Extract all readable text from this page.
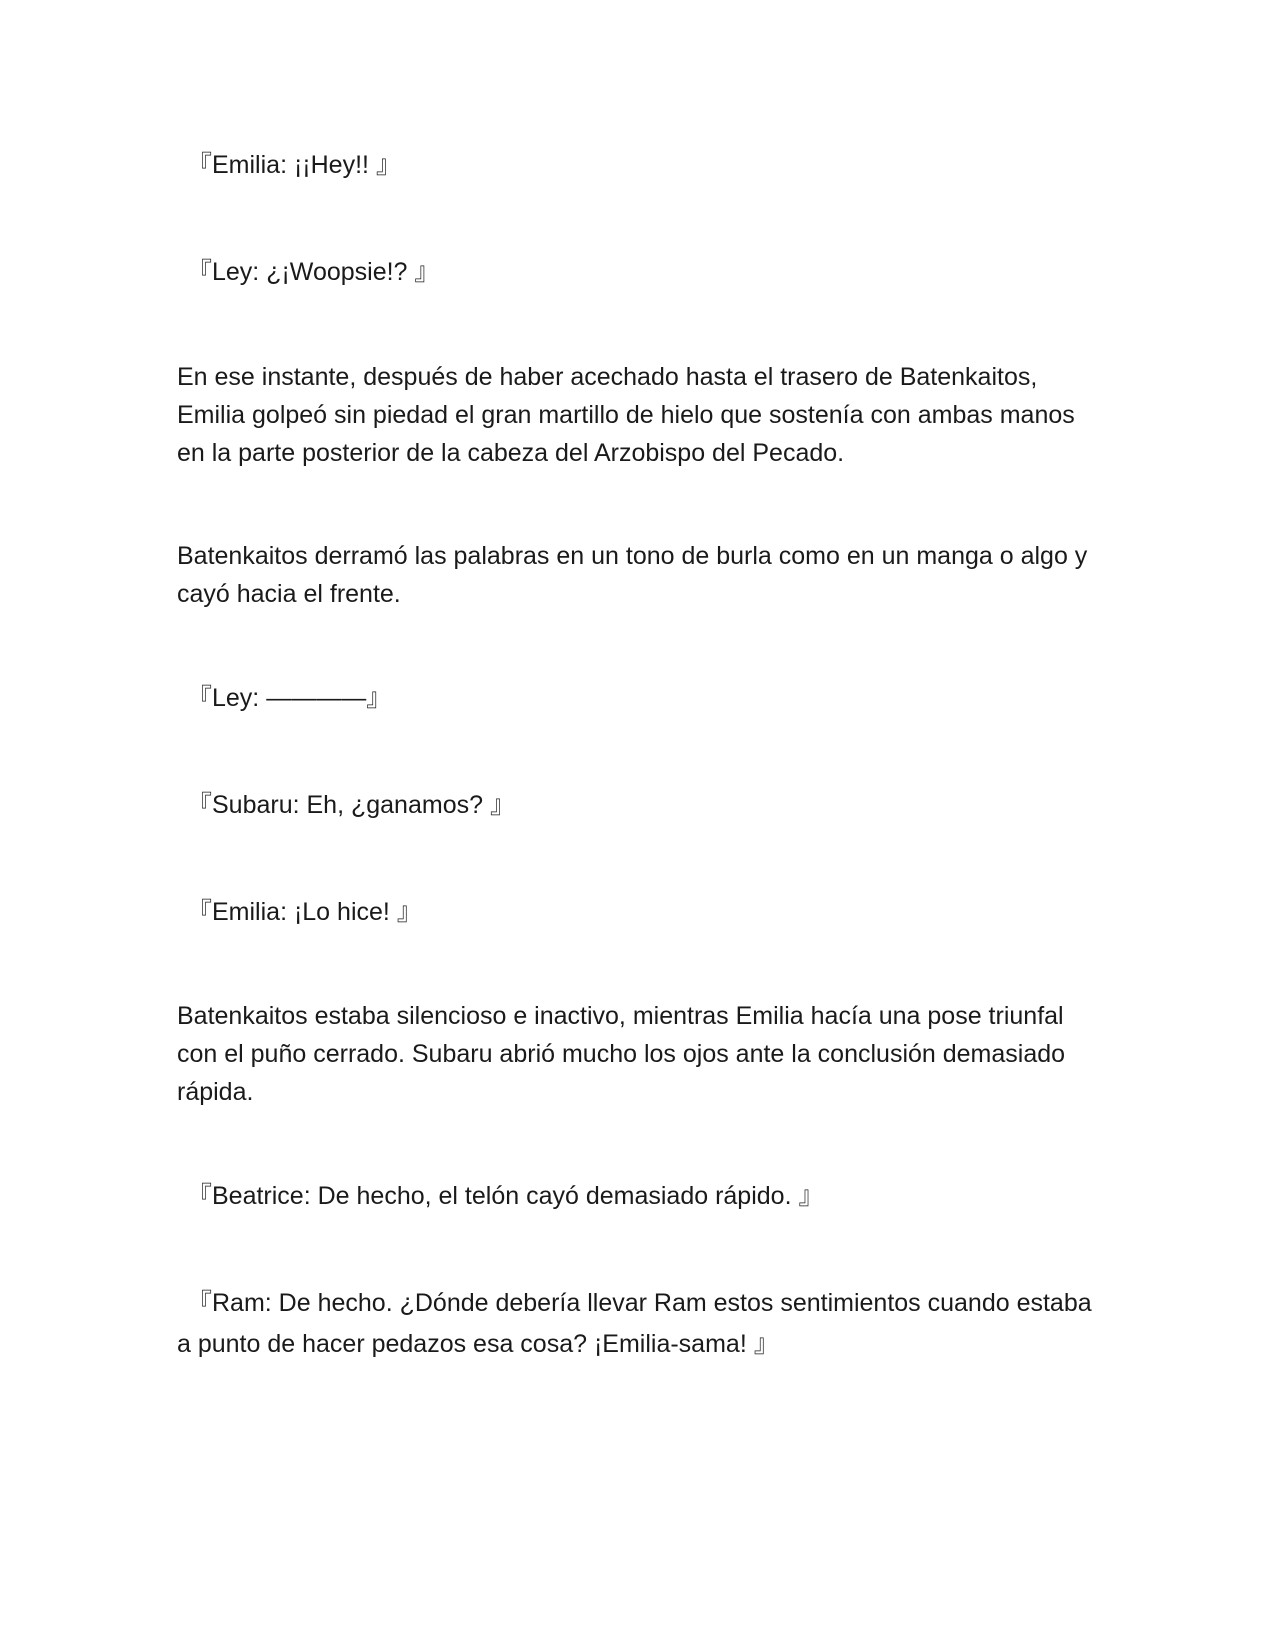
『Emilia: ¡¡Hey!! 』

『Ley: ¿¡Woopsie!? 』

En ese instante, después de haber acechado hasta el trasero de Batenkaitos, Emilia golpeó sin piedad el gran martillo de hielo que sostenía con ambas manos en la parte posterior de la cabeza del Arzobispo del Pecado.

Batenkaitos derramó las palabras en un tono de burla como en un manga o algo y cayó hacia el frente.

『Ley: ————』

『Subaru: Eh, ¿ganamos? 』

『Emilia: ¡Lo hice! 』

Batenkaitos estaba silencioso e inactivo, mientras Emilia hacía una pose triunfal con el puño cerrado. Subaru abrió mucho los ojos ante la conclusión demasiado rápida.

『Beatrice: De hecho, el telón cayó demasiado rápido. 』

『Ram: De hecho. ¿Dónde debería llevar Ram estos sentimientos cuando estaba a punto de hacer pedazos esa cosa? ¡Emilia-sama! 』
